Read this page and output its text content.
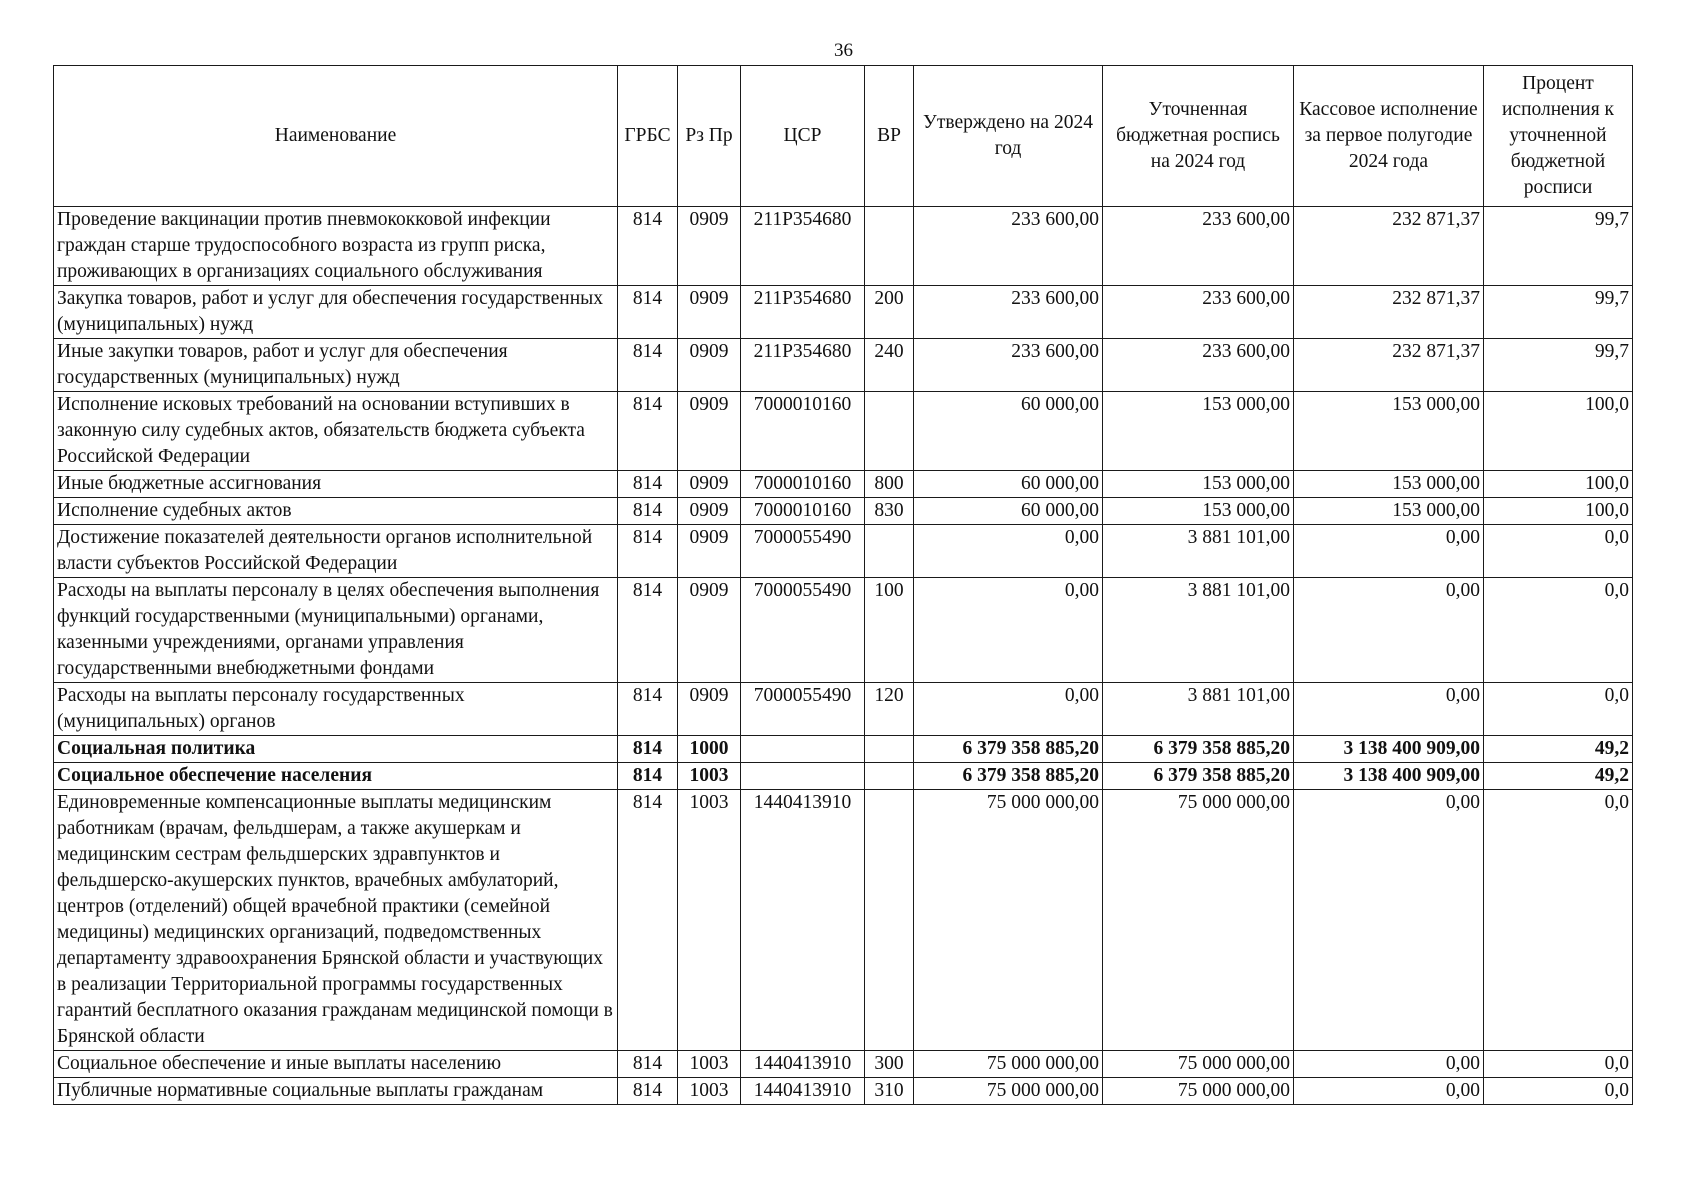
36
Наименование	ГРБС	Рз Пр	ЦСР	ВР	Утверждено на 2024 год	Уточненная бюджетная роспись на 2024 год	Кассовое исполнение за первое полугодие 2024 года	Процент исполнения к уточненной бюджетной росписи
Проведение вакцинации против пневмококковой инфекции граждан старше трудоспособного возраста из групп риска, проживающих в организациях социального обслуживания	814	0909	211P354680		233 600,00	233 600,00	232 871,37	99,7
Закупка товаров, работ и услуг для обеспечения государственных (муниципальных) нужд	814	0909	211P354680	200	233 600,00	233 600,00	232 871,37	99,7
Иные закупки товаров, работ и услуг для обеспечения государственных (муниципальных) нужд	814	0909	211P354680	240	233 600,00	233 600,00	232 871,37	99,7
Исполнение исковых требований на основании вступивших в законную силу судебных актов, обязательств бюджета субъекта Российской Федерации	814	0909	7000010160		60 000,00	153 000,00	153 000,00	100,0
Иные бюджетные ассигнования	814	0909	7000010160	800	60 000,00	153 000,00	153 000,00	100,0
Исполнение судебных актов	814	0909	7000010160	830	60 000,00	153 000,00	153 000,00	100,0
Достижение показателей деятельности органов исполнительной власти субъектов Российской Федерации	814	0909	7000055490		0,00	3 881 101,00	0,00	0,0
Расходы на выплаты персоналу в целях обеспечения выполнения функций государственными (муниципальными) органами, казенными учреждениями, органами управления государственными внебюджетными фондами	814	0909	7000055490	100	0,00	3 881 101,00	0,00	0,0
Расходы на выплаты персоналу государственных (муниципальных) органов	814	0909	7000055490	120	0,00	3 881 101,00	0,00	0,0
Социальная политика	814	1000			6 379 358 885,20	6 379 358 885,20	3 138 400 909,00	49,2
Социальное обеспечение населения	814	1003			6 379 358 885,20	6 379 358 885,20	3 138 400 909,00	49,2
Единовременные компенсационные выплаты медицинским работникам (врачам, фельдшерам, а также акушеркам и медицинским сестрам фельдшерских здравпунктов и фельдшерско-акушерских пунктов, врачебных амбулаторий, центров (отделений) общей врачебной практики (семейной медицины) медицинских организаций, подведомственных департаменту здравоохранения Брянской области и участвующих в реализации Территориальной программы государственных гарантий бесплатного оказания гражданам медицинской помощи в Брянской области	814	1003	1440413910		75 000 000,00	75 000 000,00	0,00	0,0
Социальное обеспечение и иные выплаты населению	814	1003	1440413910	300	75 000 000,00	75 000 000,00	0,00	0,0
Публичные нормативные социальные выплаты гражданам	814	1003	1440413910	310	75 000 000,00	75 000 000,00	0,00	0,0
